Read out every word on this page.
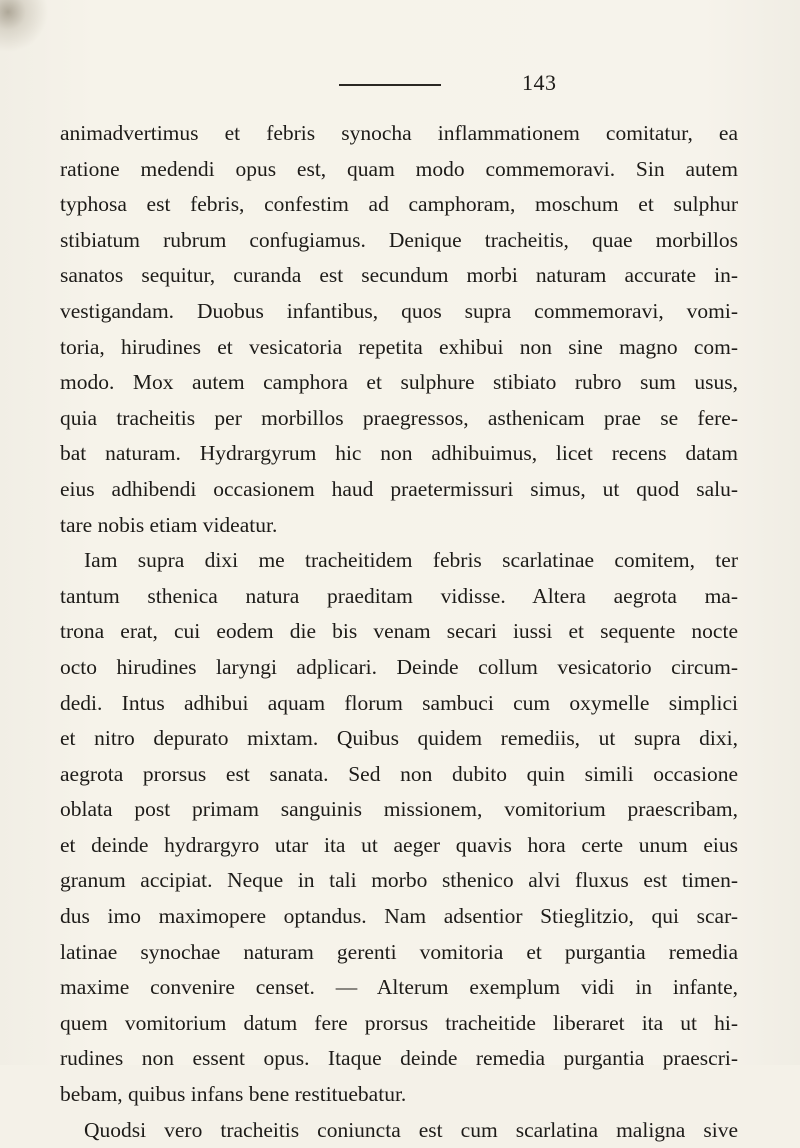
143
animadvertimus et febris synocha inflammationem comitatur, ea
ratione medendi opus est, quam modo commemoravi. Sin autem
typhosa est febris, confestim ad camphoram, moschum et sulphur
stibiatum rubrum confugiamus. Denique tracheitis, quae morbillos
sanatos sequitur, curanda est secundum morbi naturam accurate in-
vestigandam. Duobus infantibus, quos supra commemoravi, vomi-
toria, hirudines et vesicatoria repetita exhibui non sine magno com-
modo. Mox autem camphora et sulphure stibiato rubro sum usus,
quia tracheitis per morbillos praegressos, asthenicam prae se fere-
bat naturam. Hydrargyrum hic non adhibuimus, licet recens datam
eius adhibendi occasionem haud praetermissuri simus, ut quod salu-
tare nobis etiam videatur.
Iam supra dixi me tracheitidem febris scarlatinae comitem, ter
tantum sthenica natura praeditam vidisse. Altera aegrota ma-
trona erat, cui eodem die bis venam secari iussi et sequente nocte
octo hirudines laryngi adplicari. Deinde collum vesicatorio circum-
dedi. Intus adhibui aquam florum sambuci cum oxymelle simplici
et nitro depurato mixtam. Quibus quidem remediis, ut supra dixi,
aegrota prorsus est sanata. Sed non dubito quin simili occasione
oblata post primam sanguinis missionem, vomitorium praescribam,
et deinde hydrargyro utar ita ut aeger quavis hora certe unum eius
granum accipiat. Neque in tali morbo sthenico alvi fluxus est timen-
dus imo maximopere optandus. Nam adsentior Stieglitzio, qui scar-
latinae synochae naturam gerenti vomitoria et purgantia remedia
maxime convenire censet. — Alterum exemplum vidi in infante,
quem vomitorium datum fere prorsus tracheitide liberaret ita ut hi-
rudines non essent opus. Itaque deinde remedia purgantia praescri-
bebam, quibus infans bene restituebatur.
Quodsi vero tracheitis coniuncta est cum scarlatina maligna sive
